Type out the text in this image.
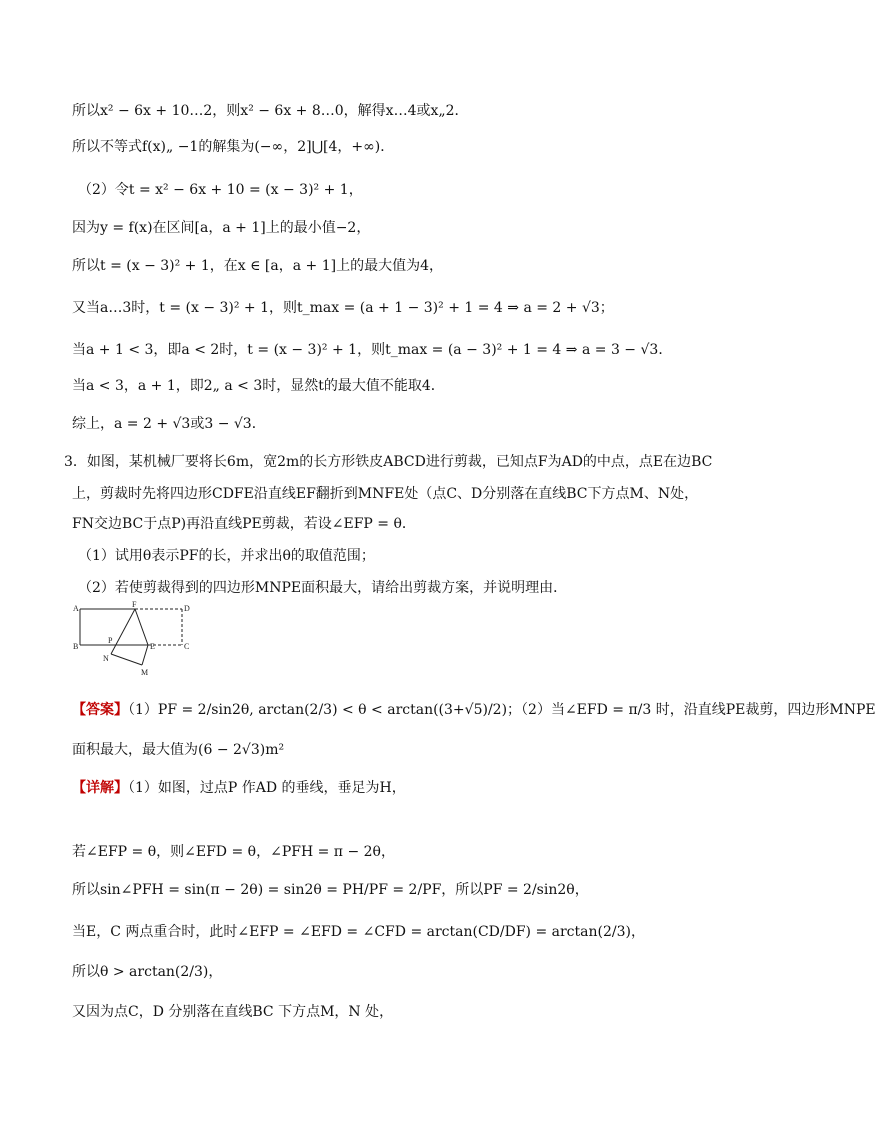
所以x² − 6x + 10…2，则x² − 6x + 8…0，解得x…4或x„2．
所以不等式f(x)„ −1的解集为(−∞，2]⋃[4，+∞)．
（2）令t = x² − 6x + 10 = (x − 3)² + 1，
因为y = f(x)在区间[a，a + 1]上的最小值−2，
所以t = (x − 3)² + 1，在x ∈ [a，a + 1]上的最大值为4，
又当a…3时，t = (x − 3)² + 1，则t_max = (a + 1 − 3)² + 1 = 4 ⇒ a = 2 + √3；
当a + 1 < 3，即a < 2时，t = (x − 3)² + 1，则t_max = (a − 3)² + 1 = 4 ⇒ a = 3 − √3．
当a < 3，a + 1，即2„ a < 3时，显然t的最大值不能取4．
综上，a = 2 + √3或3 − √3．
3．如图，某机械厂要将长6m，宽2m的长方形铁皮ABCD进行剪裁，已知点F为AD的中点，点E在边BC
上，剪裁时先将四边形CDFE沿直线EF翻折到MNFE处（点C、D分别落在直线BC下方点M、N处，
FN交边BC于点P)再沿直线PE剪裁，若设∠EFP = θ．
（1）试用θ表示PF的长，并求出θ的取值范围；
（2）若使剪裁得到的四边形MNPE面积最大，请给出剪裁方案，并说明理由．
A
B	C
D
E
F
P
N
M
【答案】（1）PF = 2/sin2θ, arctan(2/3) < θ < arctan((3+√5)/2)；（2）当∠EFD = π/3 时，沿直线PE裁剪，四边形MNPE
面积最大，最大值为(6 − 2√3)m²
【详解】（1）如图，过点P 作AD 的垂线，垂足为H，
若∠EFP = θ，则∠EFD = θ，∠PFH = π − 2θ，
所以sin∠PFH = sin(π − 2θ) = sin2θ = PH/PF = 2/PF，所以PF = 2/sin2θ，
当E，C 两点重合时，此时∠EFP = ∠EFD = ∠CFD = arctan(CD/DF) = arctan(2/3)，
所以θ > arctan(2/3)，
又因为点C，D 分别落在直线BC 下方点M，N 处，
